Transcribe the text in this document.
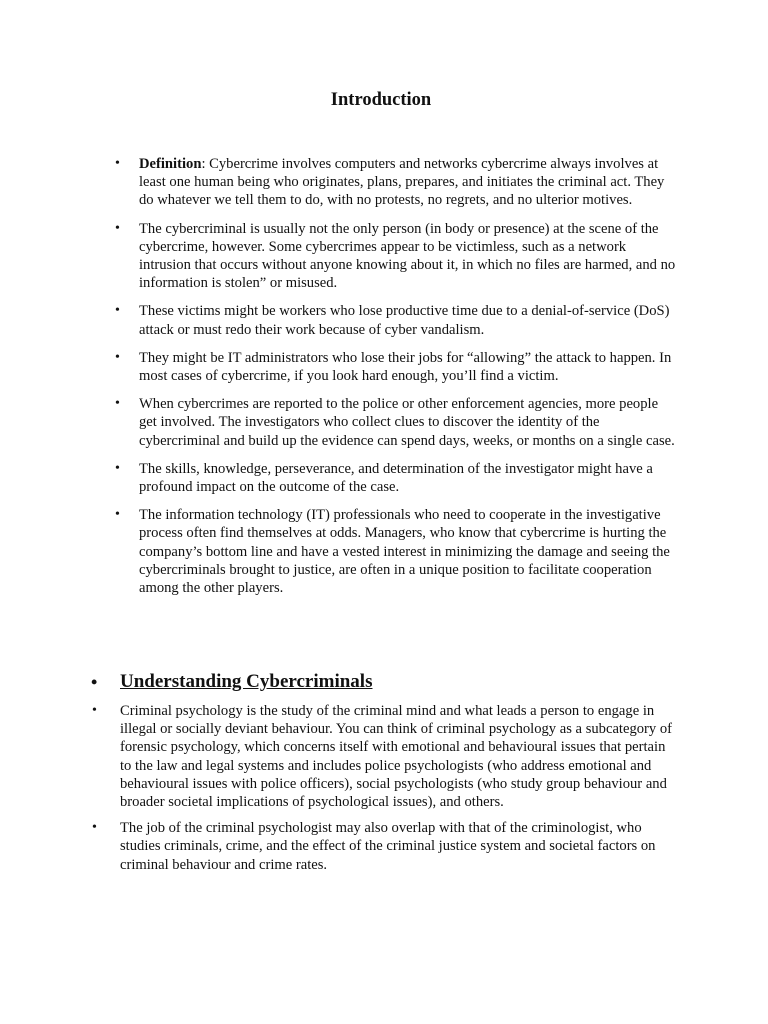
Introduction
• Definition: Cybercrime involves computers and networks cybercrime always involves at least one human being who originates, plans, prepares, and initiates the criminal act. They do whatever we tell them to do, with no protests, no regrets, and no ulterior motives.
• The cybercriminal is usually not the only person (in body or presence) at the scene of the cybercrime, however. Some cybercrimes appear to be victimless, such as a network intrusion that occurs without anyone knowing about it, in which no files are harmed, and no information is stolen” or misused.
• These victims might be workers who lose productive time due to a denial-of-service (DoS) attack or must redo their work because of cyber vandalism.
• They might be IT administrators who lose their jobs for “allowing” the attack to happen. In most cases of cybercrime, if you look hard enough, you’ll find a victim.
• When cybercrimes are reported to the police or other enforcement agencies, more people get involved. The investigators who collect clues to discover the identity of the cybercriminal and build up the evidence can spend days, weeks, or months on a single case.
• The skills, knowledge, perseverance, and determination of the investigator might have a profound impact on the outcome of the case.
• The information technology (IT) professionals who need to cooperate in the investigative process often find themselves at odds. Managers, who know that cybercrime is hurting the company’s bottom line and have a vested interest in minimizing the damage and seeing the cybercriminals brought to justice, are often in a unique position to facilitate cooperation among the other players.
• Understanding Cybercriminals
• Criminal psychology is the study of the criminal mind and what leads a person to engage in illegal or socially deviant behaviour. You can think of criminal psychology as a subcategory of forensic psychology, which concerns itself with emotional and behavioural issues that pertain to the law and legal systems and includes police psychologists (who address emotional and behavioural issues with police officers), social psychologists (who study group behaviour and broader societal implications of psychological issues), and others.
• The job of the criminal psychologist may also overlap with that of the criminologist, who studies criminals, crime, and the effect of the criminal justice system and societal factors on criminal behaviour and crime rates.
